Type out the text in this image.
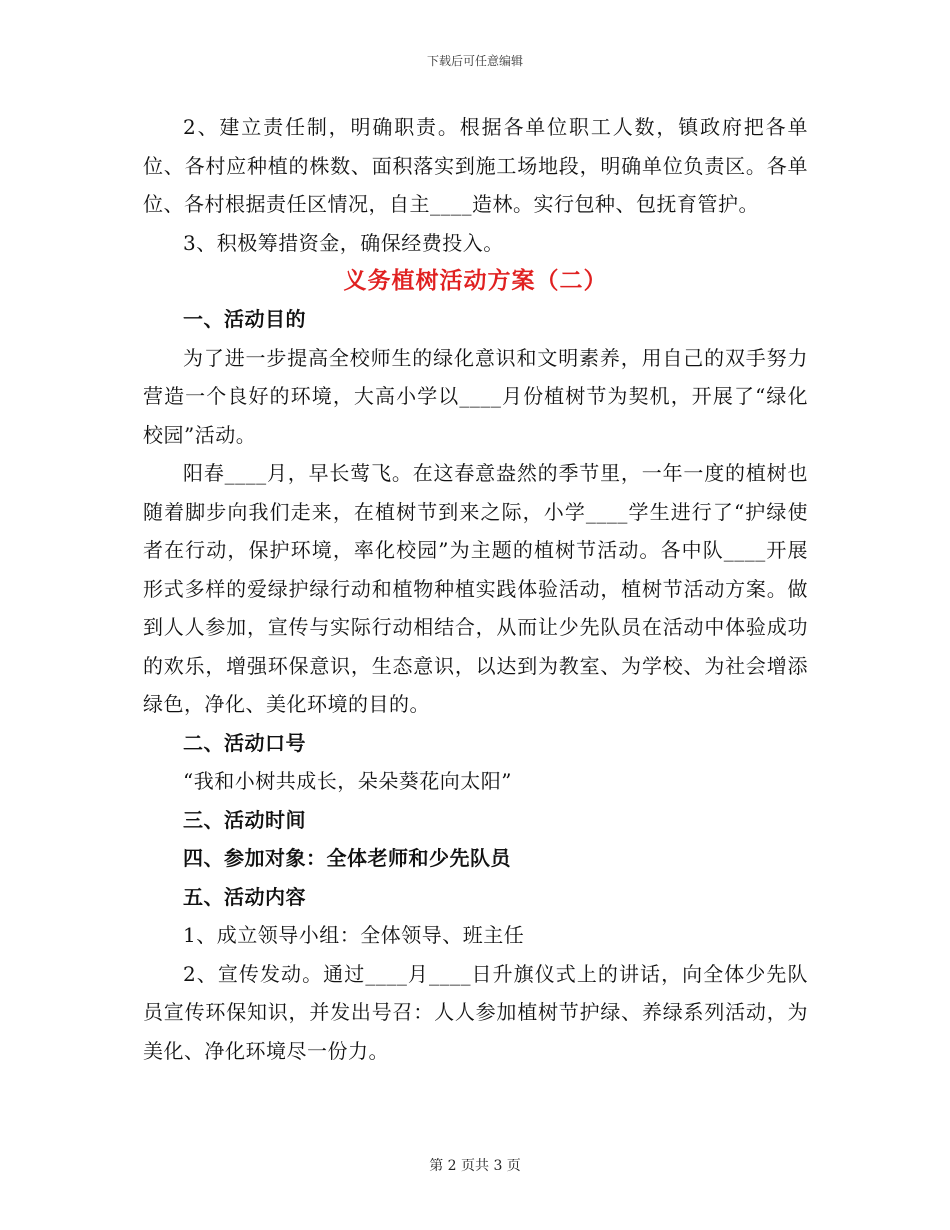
下载后可任意编辑

2、建立责任制，明确职责。根据各单位职工人数，镇政府把各单位、各村应种植的株数、面积落实到施工场地段，明确单位负责区。各单位、各村根据责任区情况，自主____造林。实行包种、包抚育管护。

3、积极筹措资金，确保经费投入。

义务植树活动方案（二）

一、活动目的

为了进一步提高全校师生的绿化意识和文明素养，用自己的双手努力营造一个良好的环境，大高小学以____月份植树节为契机，开展了“绿化校园”活动。

阳春____月，早长莺飞。在这春意盎然的季节里，一年一度的植树也随着脚步向我们走来，在植树节到来之际，小学____学生进行了“护绿使者在行动，保护环境，率化校园”为主题的植树节活动。各中队____开展形式多样的爱绿护绿行动和植物种植实践体验活动，植树节活动方案。做到人人参加，宣传与实际行动相结合，从而让少先队员在活动中体验成功的欢乐，增强环保意识，生态意识，以达到为教室、为学校、为社会增添绿色，净化、美化环境的目的。

二、活动口号

“我和小树共成长，朵朵葵花向太阳”

三、活动时间

四、参加对象：全体老师和少先队员

五、活动内容

1、成立领导小组：全体领导、班主任

2、宣传发动。通过____月____日升旗仪式上的讲话，向全体少先队员宣传环保知识，并发出号召：人人参加植树节护绿、养绿系列活动，为美化、净化环境尽一份力。

第 2 页共 3 页
